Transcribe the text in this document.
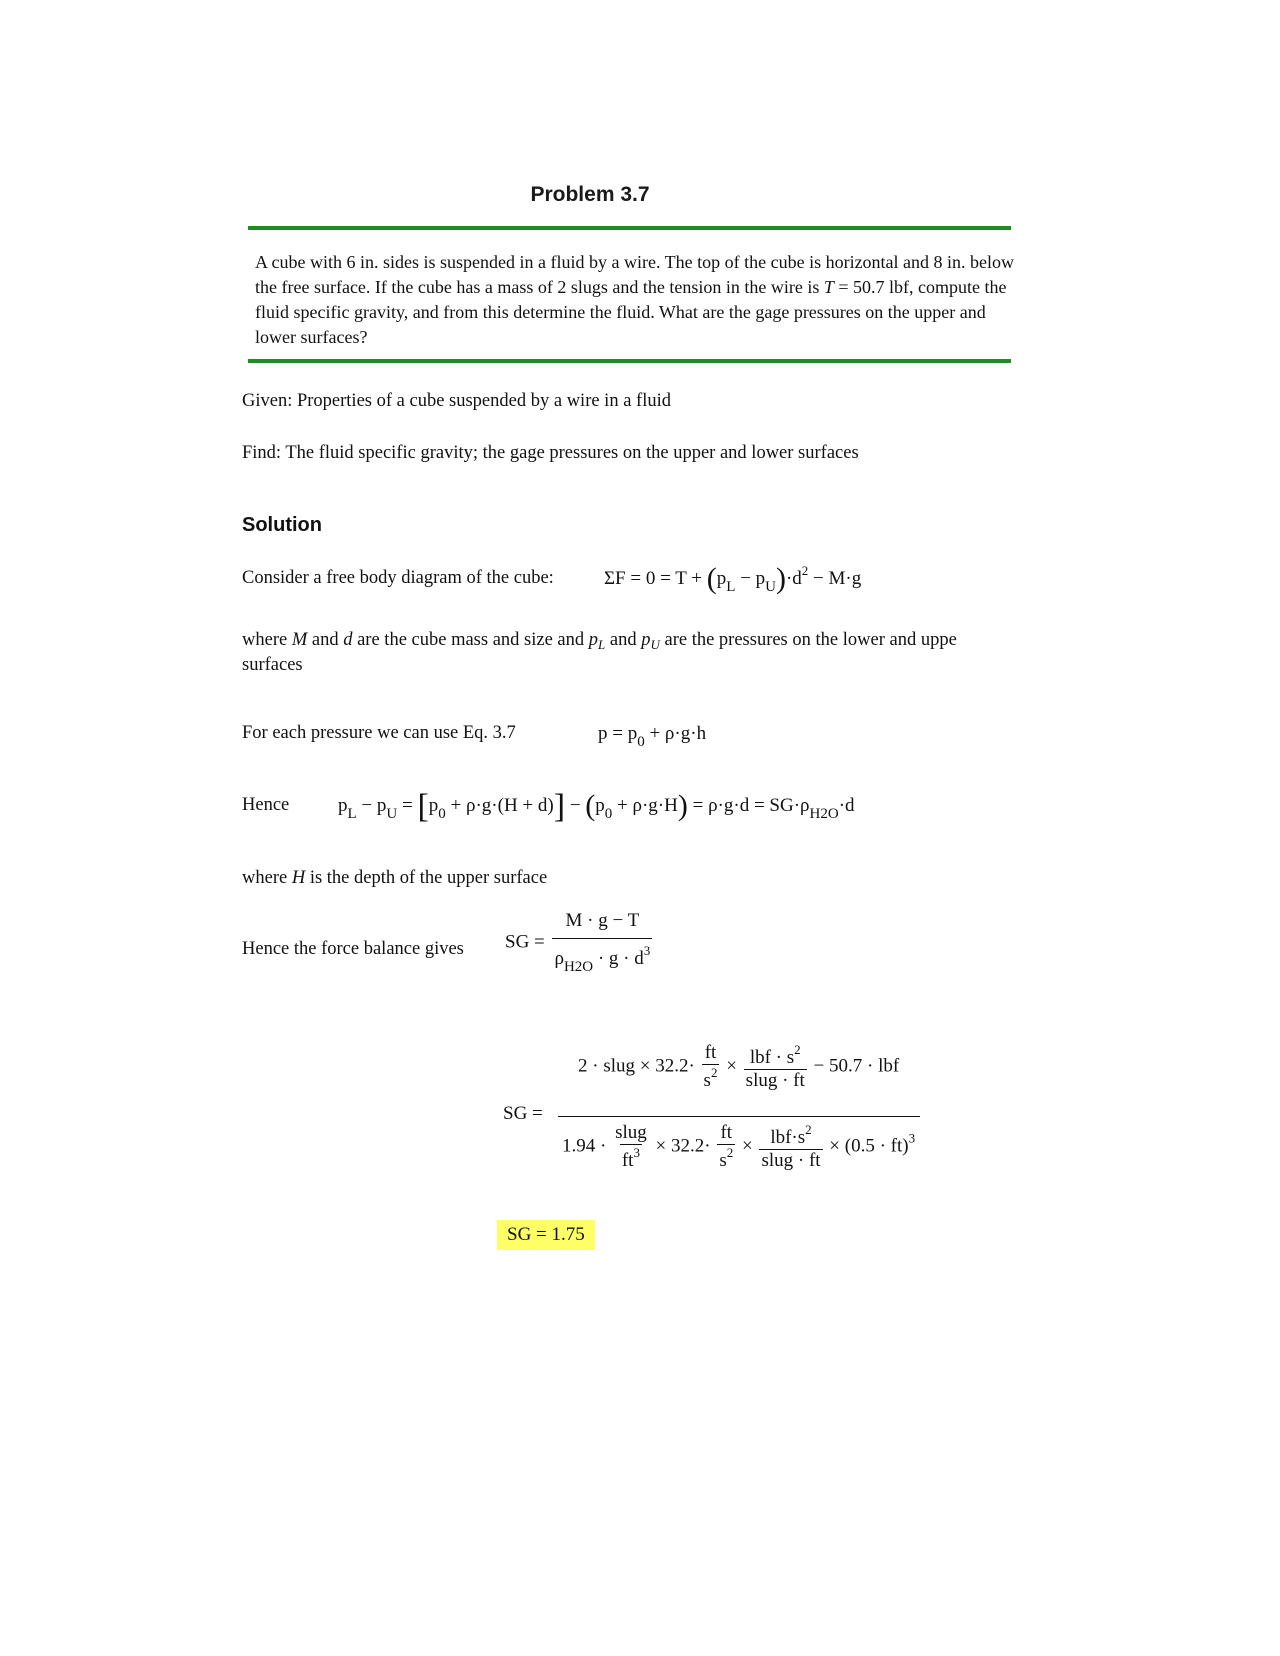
Problem 3.7
A cube with 6 in. sides is suspended in a fluid by a wire. The top of the cube is horizontal and 8 in. below the free surface. If the cube has a mass of 2 slugs and the tension in the wire is T = 50.7 lbf, compute the fluid specific gravity, and from this determine the fluid. What are the gage pressures on the upper and lower surfaces?
Given: Properties of a cube suspended by a wire in a fluid
Find: The fluid specific gravity; the gage pressures on the upper and lower surfaces
Solution
Consider a free body diagram of the cube:	$\Sigma F = 0 = T + (p_L - p_U)\cdot d^2 - M\cdot g$
where M and d are the cube mass and size and $p_L$ and $p_U$ are the pressures on the lower and uppe
surfaces
For each pressure we can use Eq. 3.7	$p = p_0 + \rho\cdot g\cdot h$
Hence	$p_L - p_U = [p_0 + \rho\cdot g\cdot(H + d)] - (p_0 + \rho\cdot g\cdot H) = \rho\cdot g\cdot d = SG\cdot\rho_{H2O}\cdot d$
where H is the depth of the upper surface
Hence the force balance gives SG = $\frac{M \cdot g - T}{\rho_{H2O} \cdot g \cdot d^3}$
SG =
2 · slug × $32.2\cdot \frac{ft}{s^2} \times \frac{lbf \cdot s^2}{\text{slug · ft}} - 50.7$ · lbf
$1.94 \cdot \frac{\text{slug}}{ft^3} \times 32.2\cdot \frac{ft}{s^2} \times \frac{lbf\cdot s^2}{\text{slug · ft}} \times (0.5 \cdot ft)^3$
SG = 1.75
